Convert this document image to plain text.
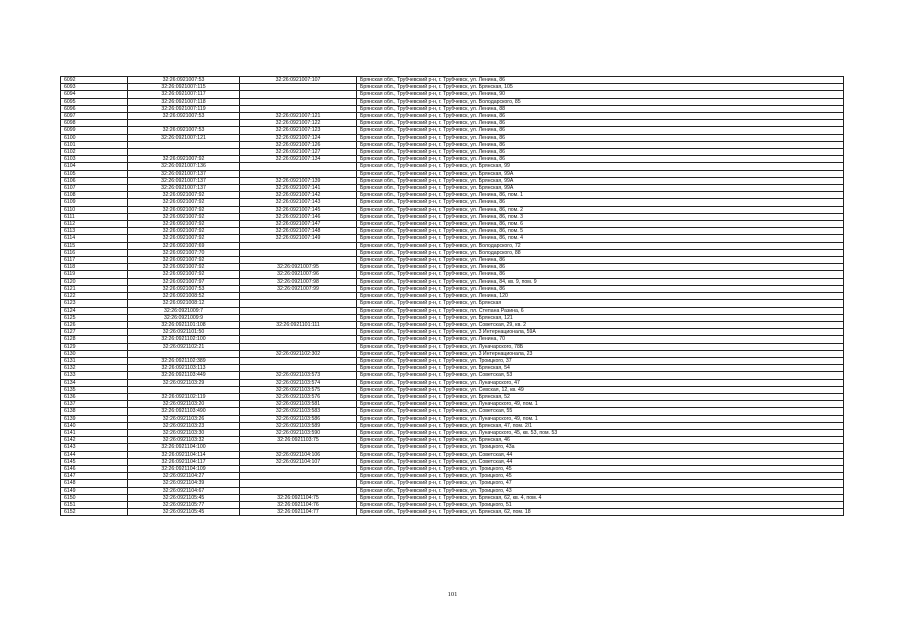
6092	32:26:0921007:53	32:26:0921007:107	Брянская обл., Трубчевский р-н, г. Трубчевск, ул. Ленина, 86
6093	32:26:0921007:115		Брянская обл., Трубчевский р-н, г. Трубчевск, ул. Брянская, 105
6094	32:26:0921007:117		Брянская обл., Трубчевский р-н, г. Трубчевск, ул. Ленина, 90
6095	32:26:0921007:118		Брянская обл., Трубчевский р-н, г. Трубчевск, ул. Володарского, 85
6096	32:26:0921007:119		Брянская обл., Трубчевский р-н, г. Трубчевск, ул. Ленина, 88
6097	32:26:0921007:53	32:26:0921007:121	Брянская обл., Трубчевский р-н, г. Трубчевск, ул. Ленина, 86
6098		32:26:0921007:122	Брянская обл., Трубчевский р-н, г. Трубчевск, ул. Ленина, 86
6099	32:26:0921007:53	32:26:0921007:123	Брянская обл., Трубчевский р-н, г. Трубчевск, ул. Ленина, 86
6100	32:26:0921007:121	32:26:0921007:124	Брянская обл., Трубчевский р-н, г. Трубчевск, ул. Ленина, 86
6101		32:26:0921007:126	Брянская обл., Трубчевский р-н, г. Трубчевск, ул. Ленина, 86
6102		32:26:0921007:127	Брянская обл., Трубчевский р-н, г. Трубчевск, ул. Ленина, 86
6103	32:26:0921007:92	32:26:0921007:134	Брянская обл., Трубчевский р-н, г. Трубчевск, ул. Ленина, 86
6104	32:26:0921007:136		Брянская обл., Трубчевский р-н, г. Трубчевск, ул. Брянская, 99
6105	32:26:0921007:137		Брянская обл., Трубчевский р-н, г. Трубчевск, ул. Брянская, 99А
6106	32:26:0921007:137	32:26:0921007:139	Брянская обл., Трубчевский р-н, г. Трубчевск, ул. Брянская, 99А
6107	32:26:0921007:137	32:26:0921007:141	Брянская обл., Трубчевский р-н, г. Трубчевск, ул. Брянская, 99А
6108	32:26:0921007:92	32:26:0921007:142	Брянская обл., Трубчевский р-н, г. Трубчевск, ул. Ленина, 86, пом. 1
6109	32:26:0921007:92	32:26:0921007:143	Брянская обл., Трубчевский р-н, г. Трубчевск, ул. Ленина, 86
6110	32:26:0921007:92	32:26:0921007:145	Брянская обл., Трубчевский р-н, г. Трубчевск, ул. Ленина, 86, пом. 2
6111	32:26:0921007:92	32:26:0921007:146	Брянская обл., Трубчевский р-н, г. Трубчевск, ул. Ленина, 86, пом. 3
6112	32:26:0921007:92	32:26:0921007:147	Брянская обл., Трубчевский р-н, г. Трубчевск, ул. Ленина, 86, пом. 6
6113	32:26:0921007:92	32:26:0921007:148	Брянская обл., Трубчевский р-н, г. Трубчевск, ул. Ленина, 86, пом. 5
6114	32:26:0921007:92	32:26:0921007:149	Брянская обл., Трубчевский р-н, г. Трубчевск, ул. Ленина, 86, пом. 4
6115	32:26:0921007:69		Брянская обл., Трубчевский р-н, г. Трубчевск, ул. Володарского, 72
6116	32:26:0921007:70		Брянская обл., Трубчевский р-н, г. Трубчевск, ул. Володарского, 88
6117	32:26:0921007:92		Брянская обл., Трубчевский р-н, г. Трубчевск, ул. Ленина, 86
6118	32:26:0921007:92	32:26:0921007:95	Брянская обл., Трубчевский р-н, г. Трубчевск, ул. Ленина, 86
6119	32:26:0921007:92	32:26:0921007:96	Брянская обл., Трубчевский р-н, г. Трубчевск, ул. Ленина, 86
6120	32:26:0921007:97	32:26:0921007:98	Брянская обл., Трубчевский р-н, г. Трубчевск, ул. Ленина, 84, кв. 9, пом. 9
6121	32:26:0921007:53	32:26:0921007:99	Брянская обл., Трубчевский р-н, г. Трубчевск, ул. Ленина, 86
6122	32:26:0921008:52		Брянская обл., Трубчевский р-н, г. Трубчевск, ул. Ленина, 120
6123	32:26:0921008:12		Брянская обл., Трубчевский р-н, г. Трубчевск, ул. Брянская
6124	32:26:0921009:7		Брянская обл., Трубчевский р-н, г. Трубчевск, пл. Степана Разина, 6
6125	32:26:0921009:9		Брянская обл., Трубчевский р-н, г. Трубчевск, ул. Брянская, 121
6126	32:26:0921101:108	32:26:0921101:111	Брянская обл., Трубчевский р-н, г. Трубчевск, ул. Советская, 29, кв. 2
6127	32:26:0921101:50		Брянская обл., Трубчевский р-н, г. Трубчевск, ул. 3 Интернационала, 59А
6128	32:26:0921102:100		Брянская обл., Трубчевский р-н, г. Трубчевск, ул. Ленина, 70
6129	32:26:0921102:21		Брянская обл., Трубчевский р-н, г. Трубчевск, ул. Луначарского, 78Б
6130		32:26:0921102:302	Брянская обл., Трубчевский р-н, г. Трубчевск, ул. 3 Интернационала, 23
6131	32:26:0921102:389		Брянская обл., Трубчевский р-н, г. Трубчевск, ул. Троицкого, 37
6132	32:26:0921103:113		Брянская обл., Трубчевский р-н, г. Трубчевск, ул. Брянская, 54
6133	32:26:0921103:449	32:26:0921103:573	Брянская обл., Трубчевский р-н, г. Трубчевск, ул. Советская, 53
6134	32:26:0921103:29	32:26:0921103:574	Брянская обл., Трубчевский р-н, г. Трубчевск, ул. Луначарского, 47
6135		32:26:0921103:575	Брянская обл., Трубчевский р-н, г. Трубчевск, ул. Севская, 12, кв. 49
6136	32:26:0921102:119	32:26:0921103:576	Брянская обл., Трубчевский р-н, г. Трубчевск, ул. Брянская, 52
6137	32:26:0921103:20	32:26:0921103:581	Брянская обл., Трубчевский р-н, г. Трубчевск, ул. Луначарского, 49, пом. 1
6138	32:26:0921103:490	32:26:0921103:583	Брянская обл., Трубчевский р-н, г. Трубчевск, ул. Советская, 55
6139	32:26:0921103:26	32:26:0921103:586	Брянская обл., Трубчевский р-н, г. Трубчевск, ул. Луначарского, 49, пом. 1
6140	32:26:0921103:23	32:26:0921103:589	Брянская обл., Трубчевский р-н, г. Трубчевск, ул. Брянская, 47, пом. 2/1
6141	32:26:0921103:30	32:26:0921103:590	Брянская обл., Трубчевский р-н, г. Трубчевск, ул. Луначарского, 45, кв. 53, пом. 53
6142	32:26:0921103:32	32:26:0921103:75	Брянская обл., Трубчевский р-н, г. Трубчевск, ул. Брянская, 46
6143	32:26:0921104:100		Брянская обл., Трубчевский р-н, г. Трубчевск, ул. Троицкого, 43а
6144	32:26:0921104:114	32:26:0921104:106	Брянская обл., Трубчевский р-н, г. Трубчевск, ул. Советская, 44
6145	32:26:0921104:117	32:26:0921104:107	Брянская обл., Трубчевский р-н, г. Трубчевск, ул. Советская, 44
6146	32:26:0921104:109		Брянская обл., Трубчевский р-н, г. Трубчевск, ул. Троицкого, 45
6147	32:26:0921104:27		Брянская обл., Трубчевский р-н, г. Трубчевск, ул. Троицкого, 45
6148	32:26:0921104:39		Брянская обл., Трубчевский р-н, г. Трубчевск, ул. Троицкого, 47
6149	32:26:0921104:67		Брянская обл., Трубчевский р-н, г. Трубчевск, ул. Троицкого, 43
6150	32:26:0921105:45	32:26:0921104:75	Брянская обл., Трубчевский р-н, г. Трубчевск, ул. Брянская, 62, кв. 4, пом. 4
6151	32:26:0921105:77	32:26:0921104:76	Брянская обл., Трубчевский р-н, г. Трубчевск, ул. Троицкого, 51
6152	32:26:0921105:45	32:26:0921104:77	Брянская обл., Трубчевский р-н, г. Трубчевск, ул. Брянская, 62, пом. 18
101
